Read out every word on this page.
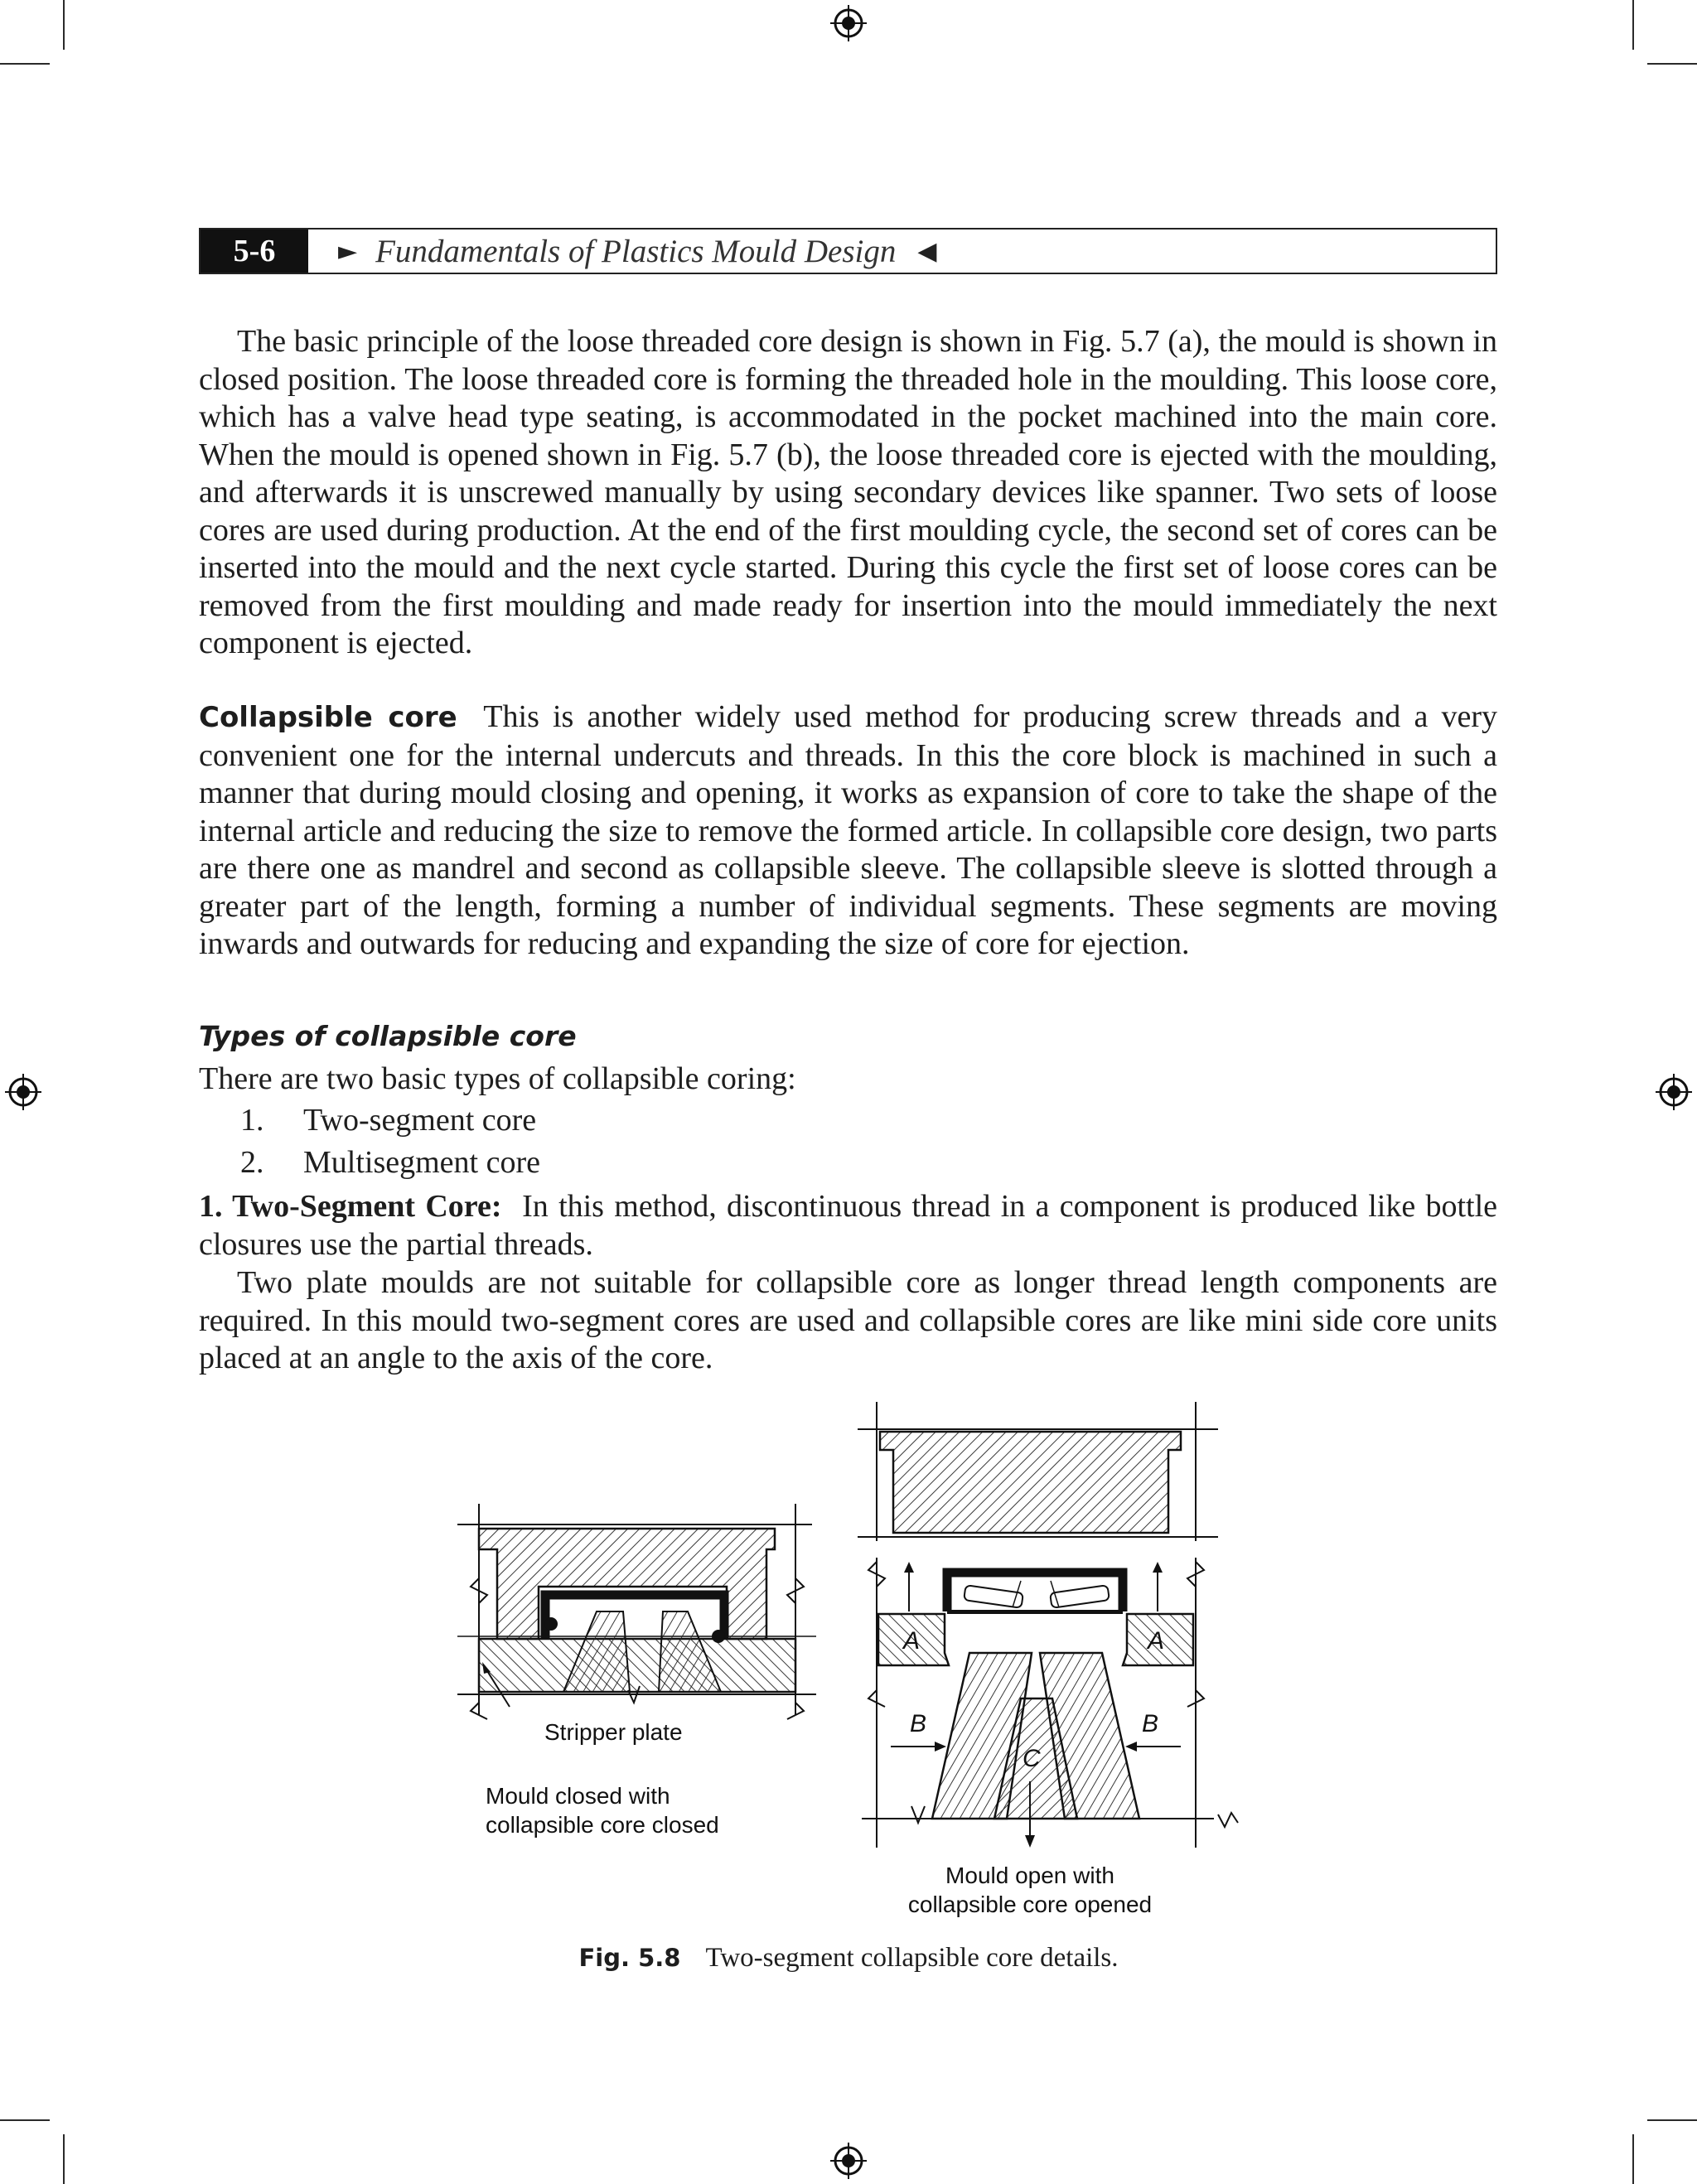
5-6	► Fundamentals of Plastics Mould Design ◀
The basic principle of the loose threaded core design is shown in Fig. 5.7 (a), the mould is shown in closed position. The loose threaded core is forming the threaded hole in the moulding. This loose core, which has a valve head type seating, is accommodated in the pocket machined into the main core. When the mould is opened shown in Fig. 5.7 (b), the loose threaded core is ejected with the moulding, and afterwards it is unscrewed manually by using secondary devices like spanner. Two sets of loose cores are used during production. At the end of the first moulding cycle, the second set of cores can be inserted into the mould and the next cycle started. During this cycle the first set of loose cores can be removed from the first moulding and made ready for insertion into the mould immediately the next component is ejected.
Collapsible core This is another widely used method for producing screw threads and a very convenient one for the internal undercuts and threads. In this the core block is machined in such a manner that during mould closing and opening, it works as expansion of core to take the shape of the internal article and reducing the size to remove the formed article. In collapsible core design, two parts are there one as mandrel and second as collapsible sleeve. The collapsible sleeve is slotted through a greater part of the length, forming a number of individual segments. These segments are moving inwards and outwards for reducing and expanding the size of core for ejection.
Types of collapsible core
There are two basic types of collapsible coring:
1. Two-segment core
2. Multisegment core
1. Two-Segment Core: In this method, discontinuous thread in a component is produced like bottle closures use the partial threads.
Two plate moulds are not suitable for collapsible core as longer thread length components are required. In this mould two-segment cores are used and collapsible cores are like mini side core units placed at an angle to the axis of the core.
Stripper plate
Mould closed with
collapsible core closed
A	A
B	B
C
Mould open with
collapsible core opened
Fig. 5.8 Two-segment collapsible core details.
